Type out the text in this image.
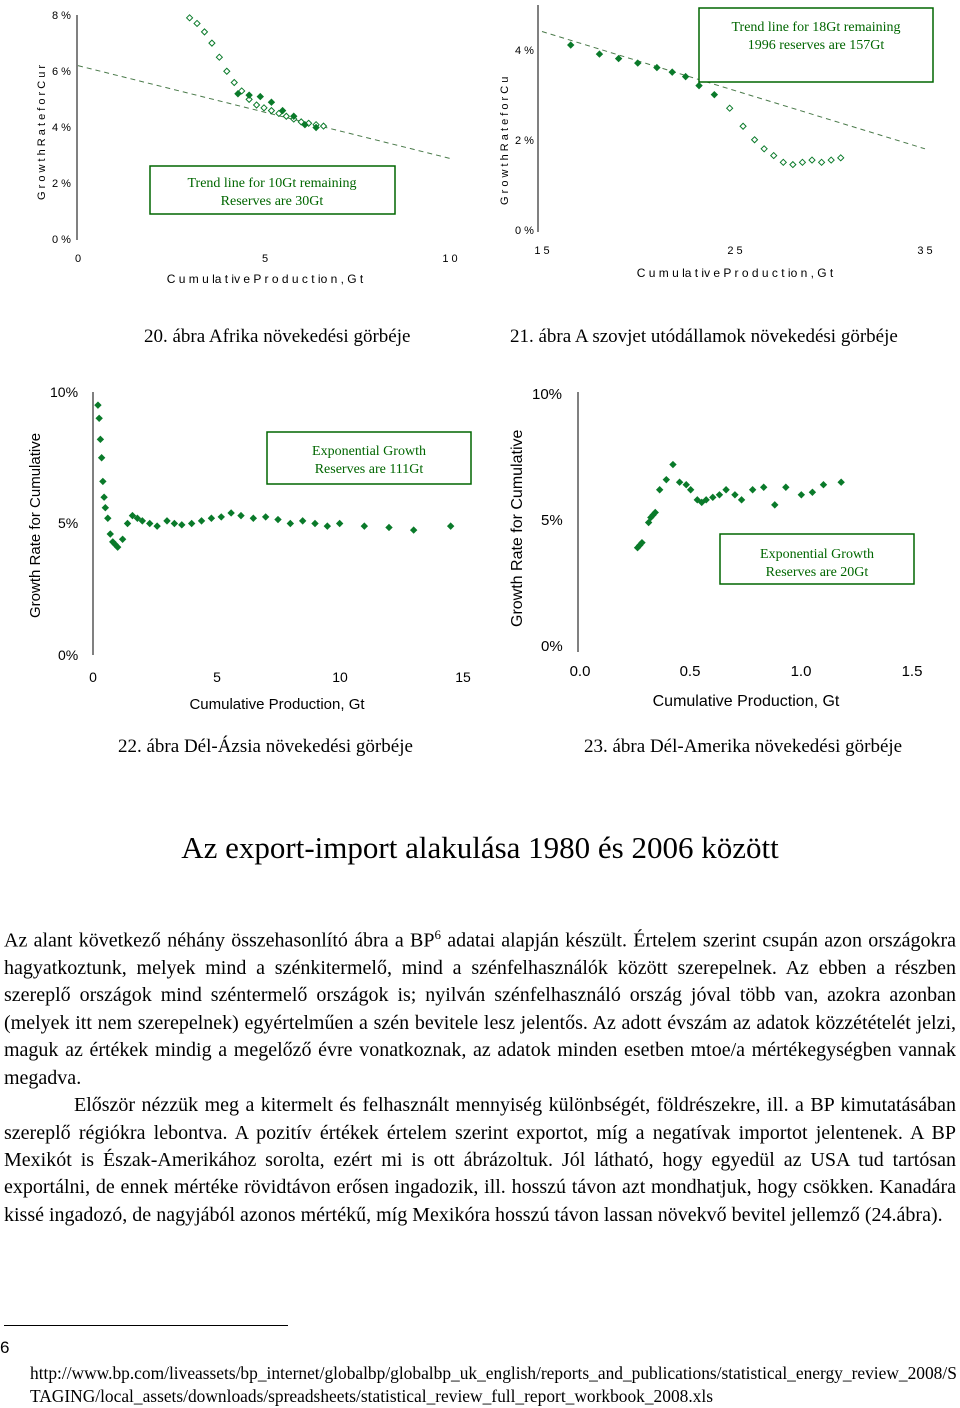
G r o w t h R a t e f o r C u r
8 %
6 %
4 %
2 %
0 %
0	5	1 0
C u m u la t iv e P r o d u c t io n , G t
Trend line for 10Gt remaining
Reserves are 30Gt	G r o w t h R a t e f o r C u
4 %
2 %
0 %
1 5	2 5	3 5
C u m u la t iv e P r o d u c t io n , G t
Trend line for 18Gt remaining
1996 reserves are 157Gt
20. ábra Afrika növekedési görbéje	21. ábra A szovjet utódállamok növekedési görbéje
Growth Rate for Cumulative
10%
5%
0%
0	5	10	15
Cumulative Production, Gt
Exponential Growth
Reserves are 111Gt	Growth Rate for Cumulative
10%
5%
0%
0.0	0.5	1.0	1.5
Cumulative Production, Gt
Exponential Growth
Reserves are 20Gt
22. ábra Dél-Ázsia növekedési görbéje	23. ábra Dél-Amerika növekedési görbéje
Az export-import alakulása 1980 és 2006 között

Az alant következő néhány összehasonlító ábra a $BP^6$ adatai alapján készült. Értelem szerint csupán azon országokra hagyatkoztunk, melyek mind a szénkitermelő, mind a szénfelhasználók között szerepelnek. Az ebben a részben szereplő országok mind széntermelő országok is; nyilván szénfelhasználó ország jóval több van, azokra azonban (melyek itt nem szerepelnek) egyértelműen a szén bevitele lesz jelentős. Az adott évszám az adatok közzétételét jelzi, maguk az értékek mindig a megelőző évre vonatkoznak, az adatok minden esetben mtoe/a mértékegységben vannak megadva.

Először nézzük meg a kitermelt és felhasznált mennyiség különbségét, földrészekre, ill. a BP kimutatásában szereplő régiókra lebontva. A pozitív értékek értelem szerint exportot, míg a negatívak importot jelentenek. A BP Mexikót is Észak-Amerikához sorolta, ezért mi is ott ábrázoltuk. Jól látható, hogy egyedül az USA tud tartósan exportálni, de ennek mértéke rövidtávon erősen ingadozik, ill. hosszú távon azt mondhatjuk, hogy csökken. Kanadára kissé ingadozó, de nagyjából azonos mértékű, míg Mexikóra hosszú távon lassan növekvő bevitel jellemző (24.ábra).

6
http://www.bp.com/liveassets/bp_internet/globalbp/globalbp_uk_english/reports_and_publications/statistical_energy_review_2008/STAGING/local_assets/downloads/spreadsheets/statistical_review_full_report_workbook_2008.xls
